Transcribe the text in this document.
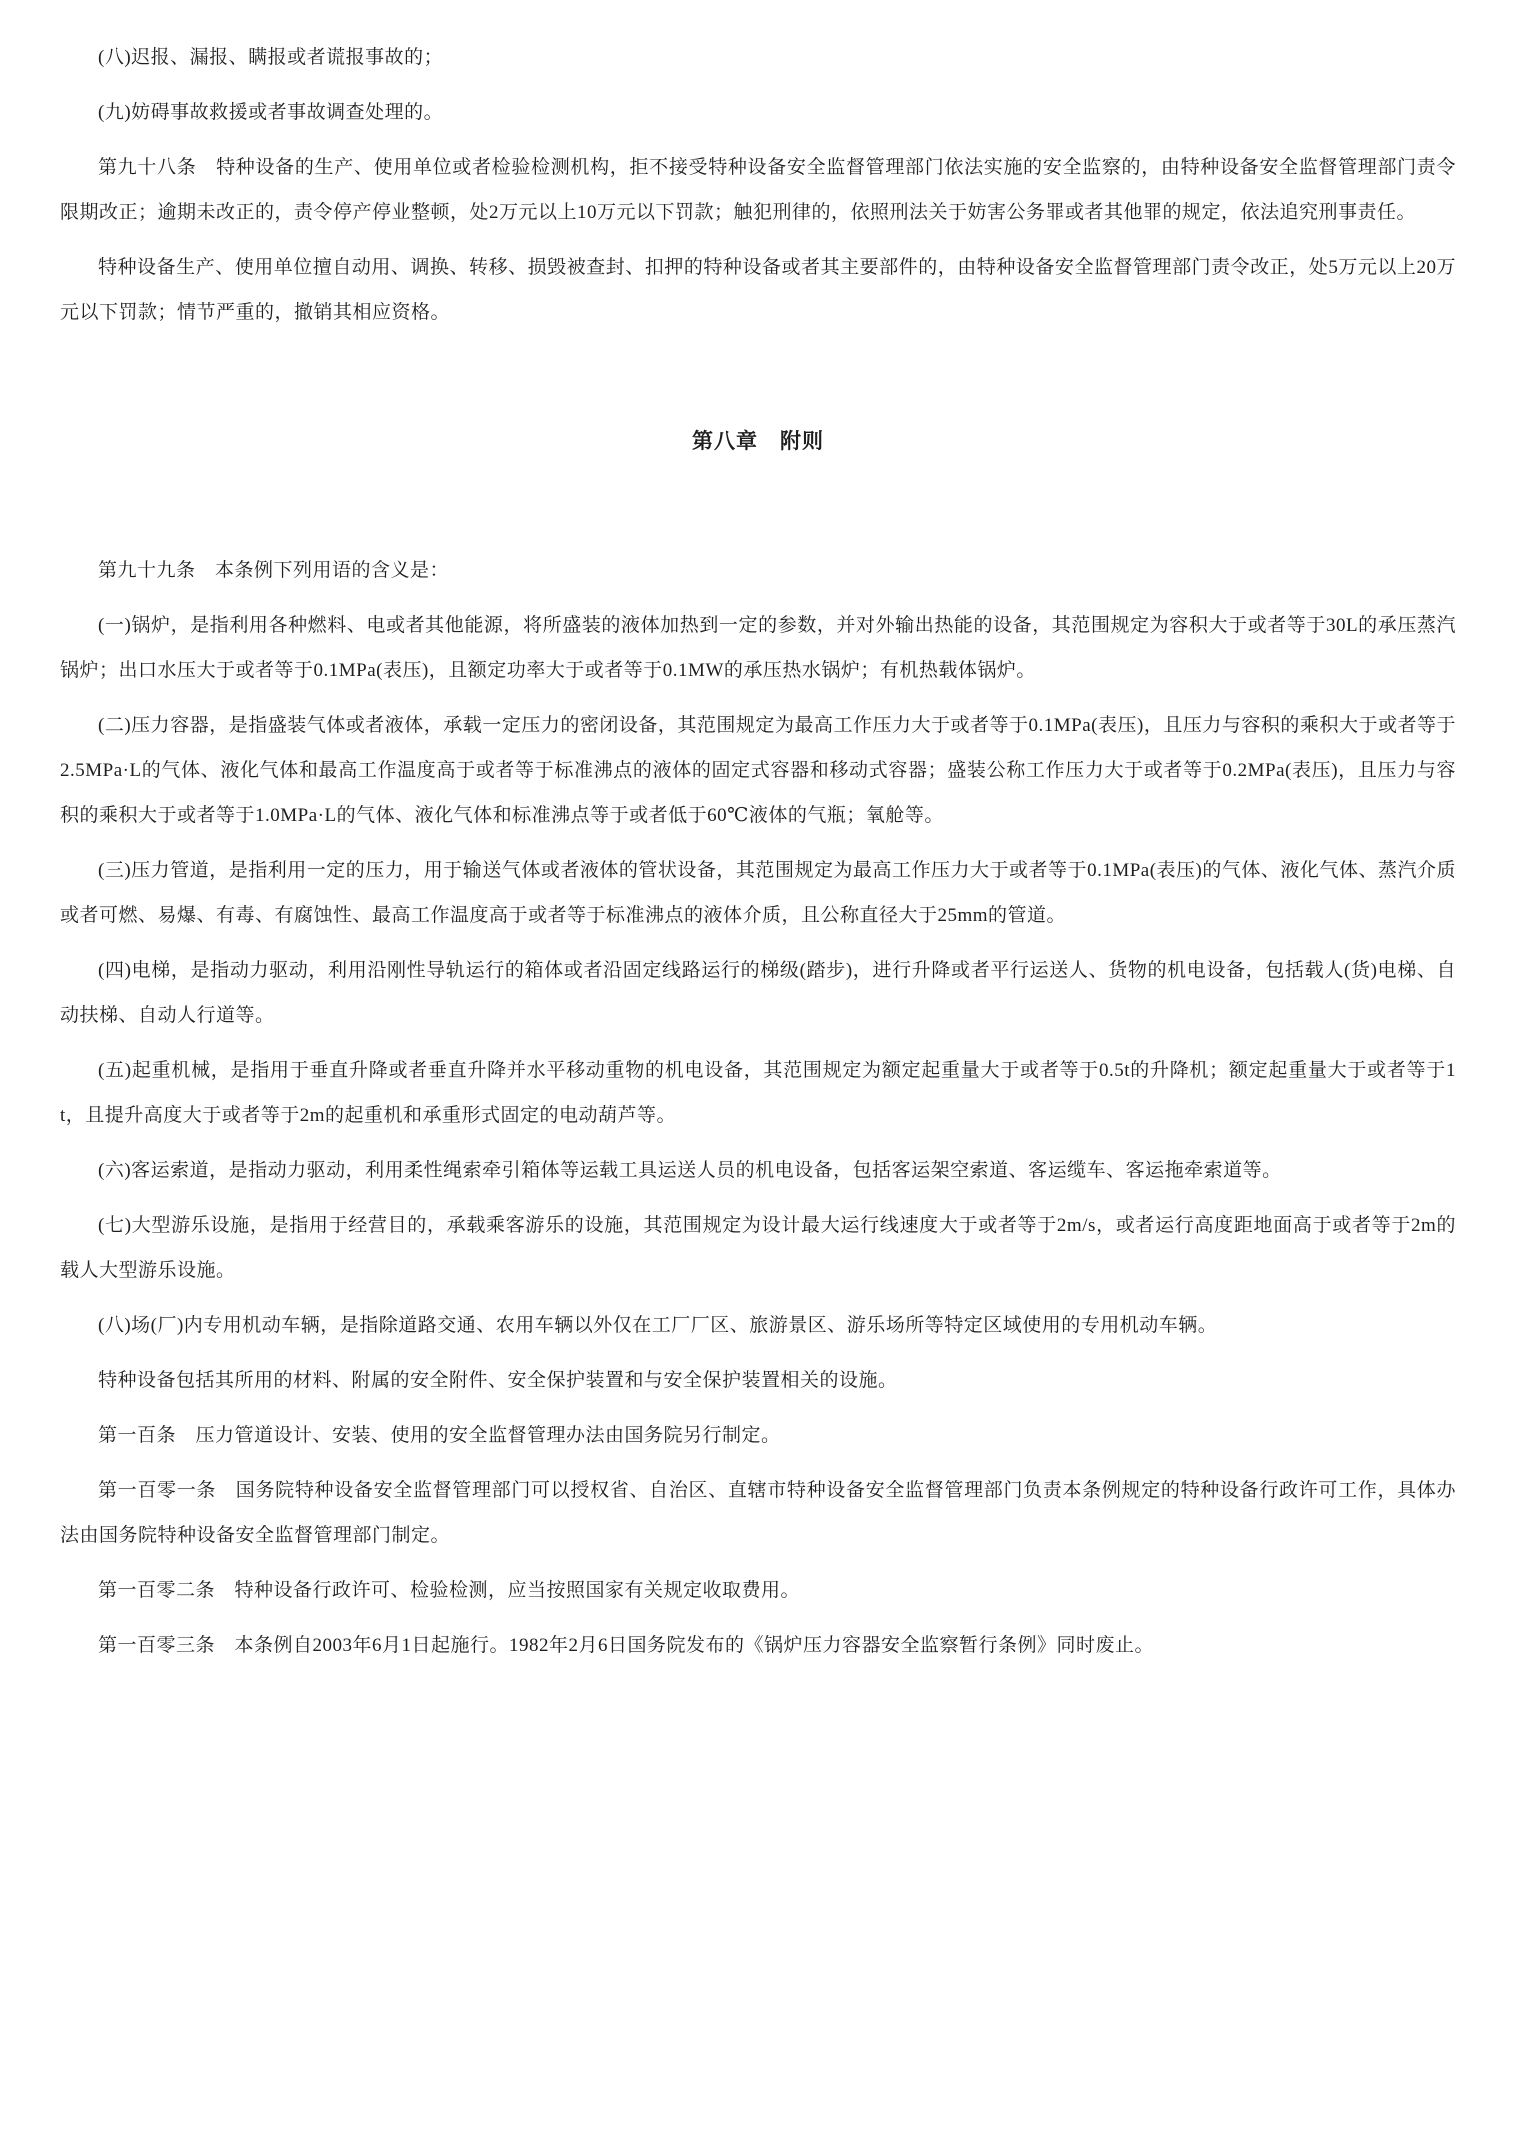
(八)迟报、漏报、瞒报或者谎报事故的；

(九)妨碍事故救援或者事故调查处理的。

第九十八条　特种设备的生产、使用单位或者检验检测机构，拒不接受特种设备安全监督管理部门依法实施的安全监察的，由特种设备安全监督管理部门责令限期改正；逾期未改正的，责令停产停业整顿，处2万元以上10万元以下罚款；触犯刑律的，依照刑法关于妨害公务罪或者其他罪的规定，依法追究刑事责任。

特种设备生产、使用单位擅自动用、调换、转移、损毁被查封、扣押的特种设备或者其主要部件的，由特种设备安全监督管理部门责令改正，处5万元以上20万元以下罚款；情节严重的，撤销其相应资格。

第八章　附则

第九十九条　本条例下列用语的含义是：

(一)锅炉，是指利用各种燃料、电或者其他能源，将所盛装的液体加热到一定的参数，并对外输出热能的设备，其范围规定为容积大于或者等于30L的承压蒸汽锅炉；出口水压大于或者等于0.1MPa(表压)，且额定功率大于或者等于0.1MW的承压热水锅炉；有机热载体锅炉。

(二)压力容器，是指盛装气体或者液体，承载一定压力的密闭设备，其范围规定为最高工作压力大于或者等于0.1MPa(表压)，且压力与容积的乘积大于或者等于2.5MPa·L的气体、液化气体和最高工作温度高于或者等于标准沸点的液体的固定式容器和移动式容器；盛装公称工作压力大于或者等于0.2MPa(表压)，且压力与容积的乘积大于或者等于1.0MPa·L的气体、液化气体和标准沸点等于或者低于60℃液体的气瓶；氧舱等。

(三)压力管道，是指利用一定的压力，用于输送气体或者液体的管状设备，其范围规定为最高工作压力大于或者等于0.1MPa(表压)的气体、液化气体、蒸汽介质或者可燃、易爆、有毒、有腐蚀性、最高工作温度高于或者等于标准沸点的液体介质，且公称直径大于25mm的管道。

(四)电梯，是指动力驱动，利用沿刚性导轨运行的箱体或者沿固定线路运行的梯级(踏步)，进行升降或者平行运送人、货物的机电设备，包括载人(货)电梯、自动扶梯、自动人行道等。

(五)起重机械，是指用于垂直升降或者垂直升降并水平移动重物的机电设备，其范围规定为额定起重量大于或者等于0.5t的升降机；额定起重量大于或者等于1t，且提升高度大于或者等于2m的起重机和承重形式固定的电动葫芦等。

(六)客运索道，是指动力驱动，利用柔性绳索牵引箱体等运载工具运送人员的机电设备，包括客运架空索道、客运缆车、客运拖牵索道等。

(七)大型游乐设施，是指用于经营目的，承载乘客游乐的设施，其范围规定为设计最大运行线速度大于或者等于2m/s，或者运行高度距地面高于或者等于2m的载人大型游乐设施。

(八)场(厂)内专用机动车辆，是指除道路交通、农用车辆以外仅在工厂厂区、旅游景区、游乐场所等特定区域使用的专用机动车辆。

特种设备包括其所用的材料、附属的安全附件、安全保护装置和与安全保护装置相关的设施。

第一百条　压力管道设计、安装、使用的安全监督管理办法由国务院另行制定。

第一百零一条　国务院特种设备安全监督管理部门可以授权省、自治区、直辖市特种设备安全监督管理部门负责本条例规定的特种设备行政许可工作，具体办法由国务院特种设备安全监督管理部门制定。

第一百零二条　特种设备行政许可、检验检测，应当按照国家有关规定收取费用。

第一百零三条　本条例自2003年6月1日起施行。1982年2月6日国务院发布的《锅炉压力容器安全监察暂行条例》同时废止。
